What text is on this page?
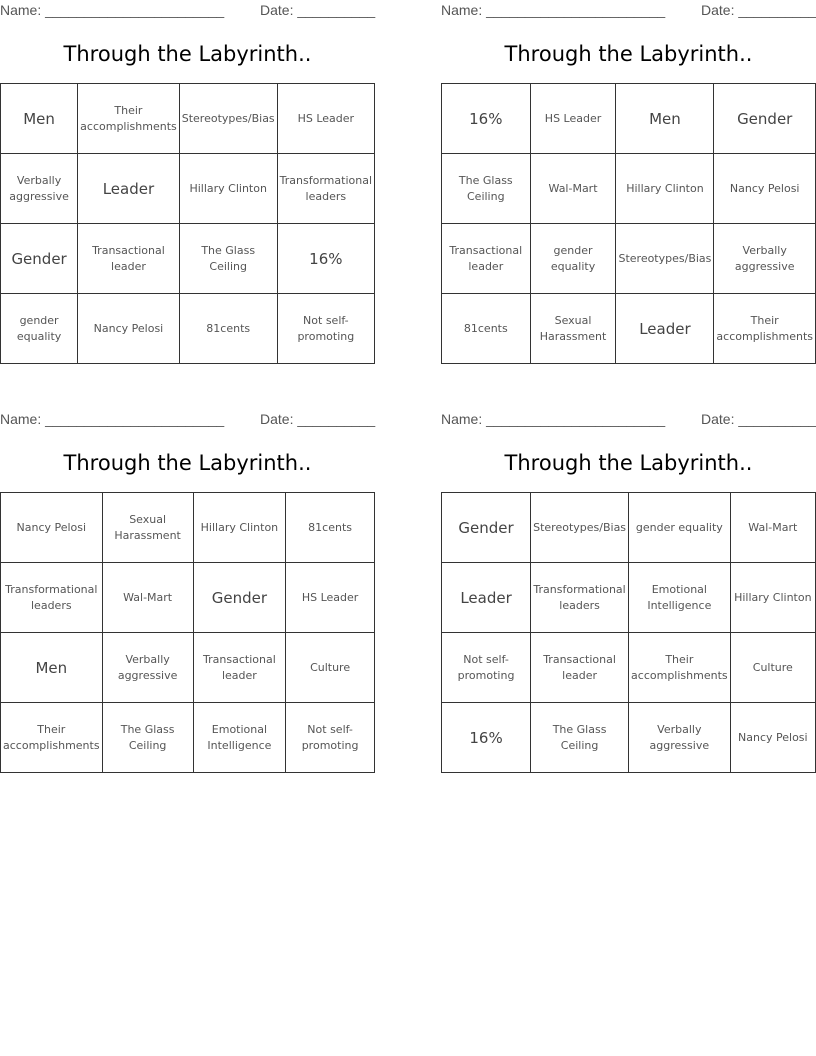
Name: _______________________	Date: __________
Through the Labyrinth..
Men	Their accomplishments	Stereotypes/Bias	HS Leader
Verbally aggressive	Leader	Hillary Clinton	Transformational leaders
Gender	Transactional leader	The Glass Ceiling	16%
gender equality	Nancy Pelosi	81cents	Not self-promoting
Name: _______________________	Date: __________
Through the Labyrinth..
16%	HS Leader	Men	Gender
The Glass Ceiling	Wal-Mart	Hillary Clinton	Nancy Pelosi
Transactional leader	gender equality	Stereotypes/Bias	Verbally aggressive
81cents	Sexual Harassment	Leader	Their accomplishments
Name: _______________________	Date: __________
Through the Labyrinth..
Nancy Pelosi	Sexual Harassment	Hillary Clinton	81cents
Transformational leaders	Wal-Mart	Gender	HS Leader
Men	Verbally aggressive	Transactional leader	Culture
Their accomplishments	The Glass Ceiling	Emotional Intelligence	Not self-promoting
Name: _______________________	Date: __________
Through the Labyrinth..
Gender	Stereotypes/Bias	gender equality	Wal-Mart
Leader	Transformational leaders	Emotional Intelligence	Hillary Clinton
Not self-promoting	Transactional leader	Their accomplishments	Culture
16%	The Glass Ceiling	Verbally aggressive	Nancy Pelosi
